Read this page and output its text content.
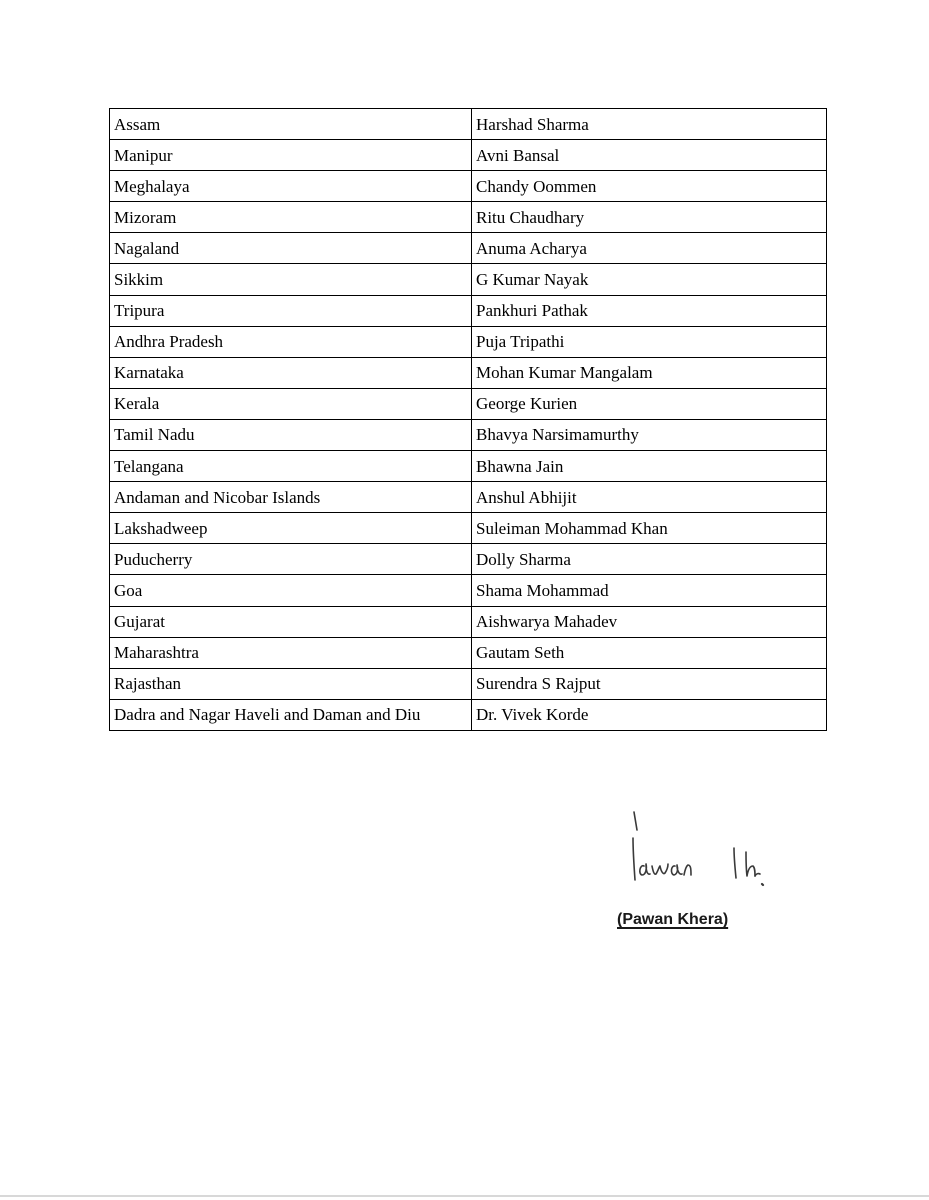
Assam	Harshad Sharma
Manipur	Avni Bansal
Meghalaya	Chandy Oommen
Mizoram	Ritu Chaudhary
Nagaland	Anuma Acharya
Sikkim	G Kumar Nayak
Tripura	Pankhuri Pathak
Andhra Pradesh	Puja Tripathi
Karnataka	Mohan Kumar Mangalam
Kerala	George Kurien
Tamil Nadu	Bhavya Narsimamurthy
Telangana	Bhawna Jain
Andaman and Nicobar Islands	Anshul Abhijit
Lakshadweep	Suleiman Mohammad Khan
Puducherry	Dolly Sharma
Goa	Shama Mohammad
Gujarat	Aishwarya Mahadev
Maharashtra	Gautam Seth
Rajasthan	Surendra S Rajput
Dadra and Nagar Haveli and Daman and Diu	Dr. Vivek Korde
(Pawan Khera)
